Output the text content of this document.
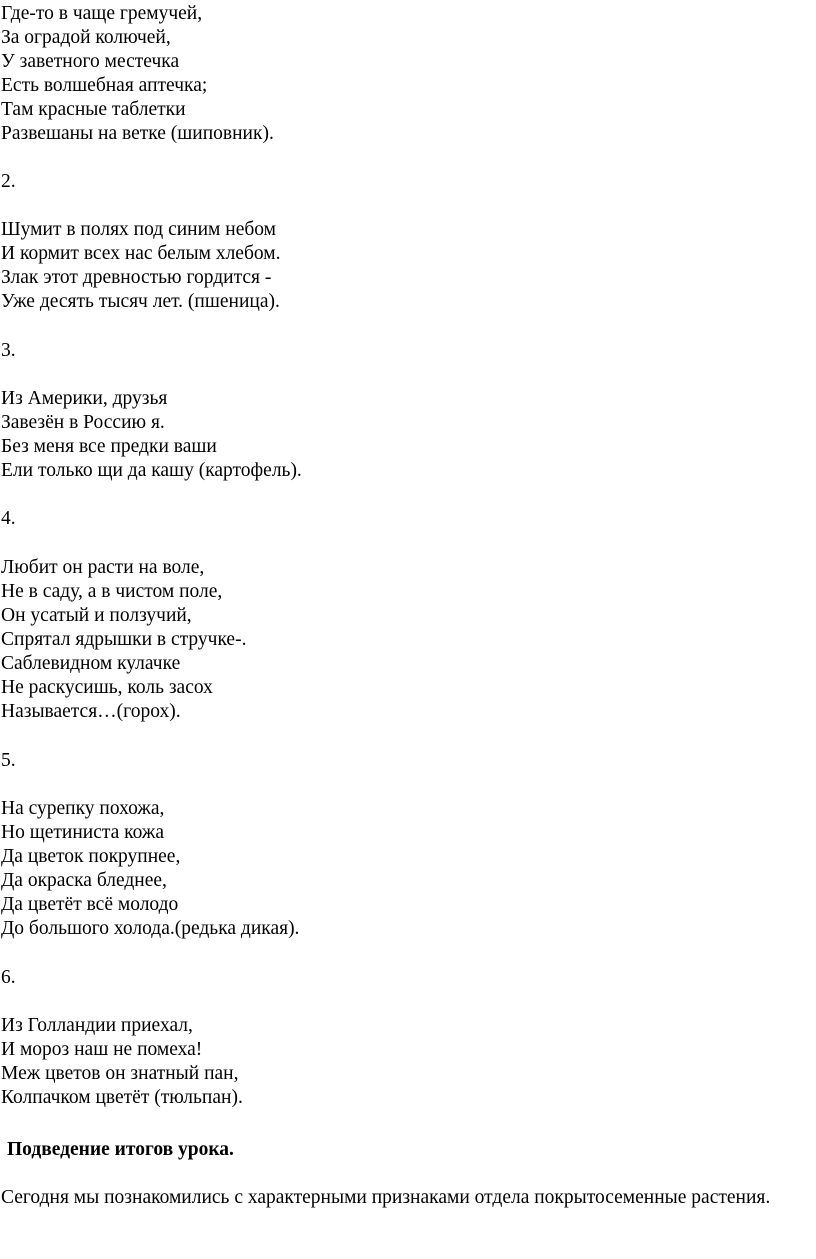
Где-то в чаще гремучей,
За оградой колючей,
У заветного местечка
Есть волшебная аптечка;
Там красные таблетки
Развешаны на ветке (шиповник).
2.
Шумит в полях под синим небом
И кормит всех нас белым хлебом.
Злак этот древностью гордится -
Уже десять тысяч лет. (пшеница).
3.
Из Америки, друзья
Завезён в Россию я.
Без меня все предки ваши
Ели только щи да кашу (картофель).
4.
Любит он расти на воле,
Не в саду, а в чистом поле,
Он усатый и ползучий,
Спрятал ядрышки в стручке-.
Саблевидном кулачке
Не раскусишь, коль засох
Называется…(горох).
5.
На сурепку похожа,
Но щетиниста кожа
Да цветок покрупнее,
Да окраска бледнее,
Да цветёт всё молодо
До большого холода.(редька дикая).
6.
Из Голландии приехал,
И мороз наш не помеха!
Меж цветов он знатный пан,
Колпачком цветёт (тюльпан).
Подведение итогов урока.
Сегодня мы познакомились с характерными признаками отдела покрытосеменные растения.
